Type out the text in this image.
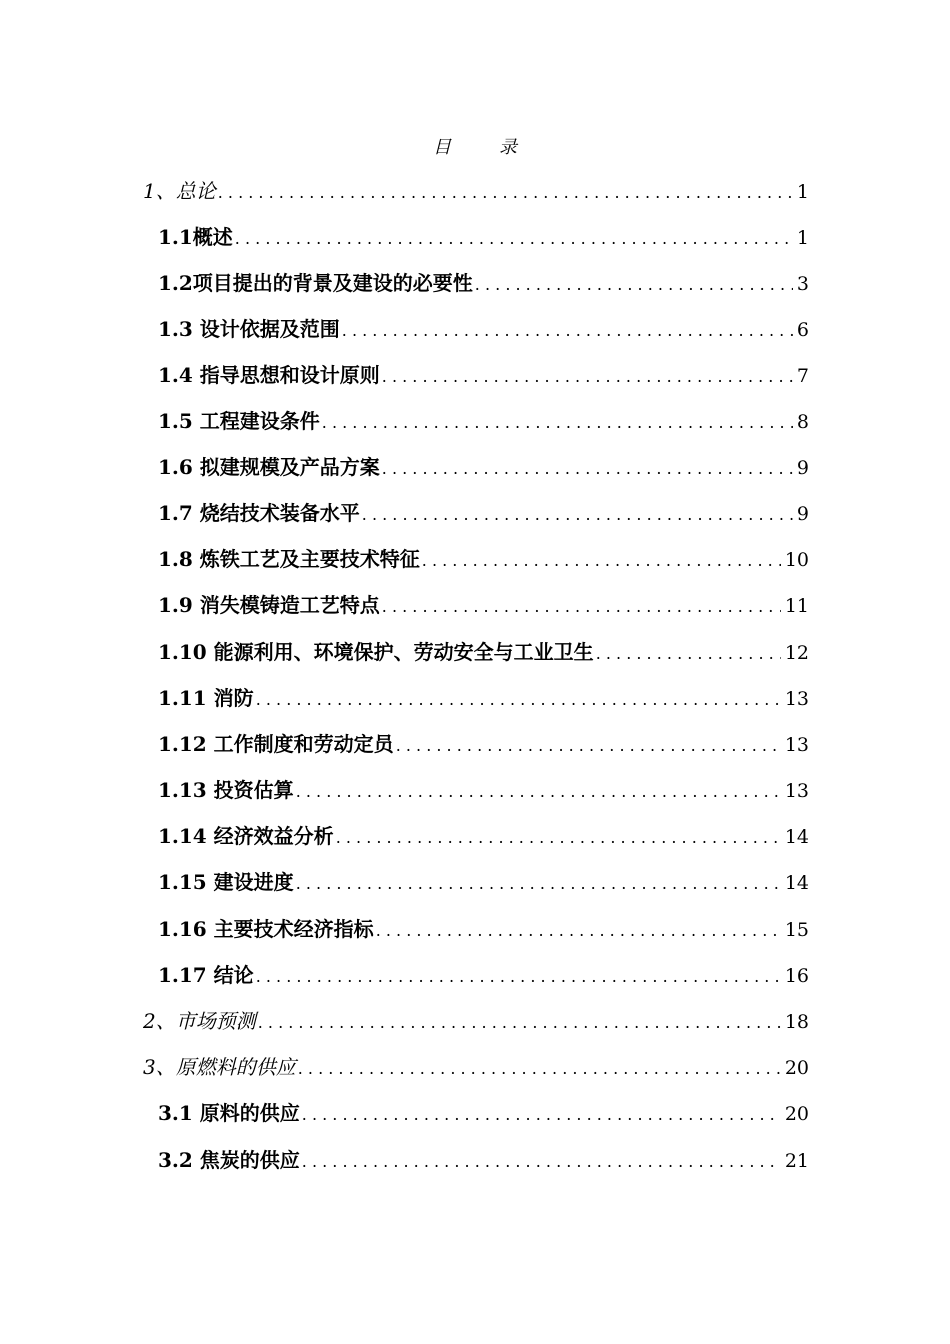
目	录
1、总论 . . .	1
1.1概述 . . .	1
1.2项目提出的背景及建设的必要性 . . .	3
1.3 设计依据及范围 . . .	6
1.4 指导思想和设计原则 . . .	7
1.5 工程建设条件 . . .	8
1.6 拟建规模及产品方案 . . .	9
1.7 烧结技术装备水平 . . .	9
1.8 炼铁工艺及主要技术特征 . . .	10
1.9 消失模铸造工艺特点 . . .	11
1.10 能源利用、环境保护、劳动安全与工业卫生 . . .	12
1.11 消防 . . .	13
1.12 工作制度和劳动定员 . . .	13
1.13 投资估算 . . .	13
1.14 经济效益分析 . . .	14
1.15 建设进度 . . .	14
1.16 主要技术经济指标 . . .	15
1.17 结论 . . .	16
2、市场预测 . . .	18
3、原燃料的供应 . . .	20
3.1 原料的供应 . . .	20
3.2 焦炭的供应 . . .	21
